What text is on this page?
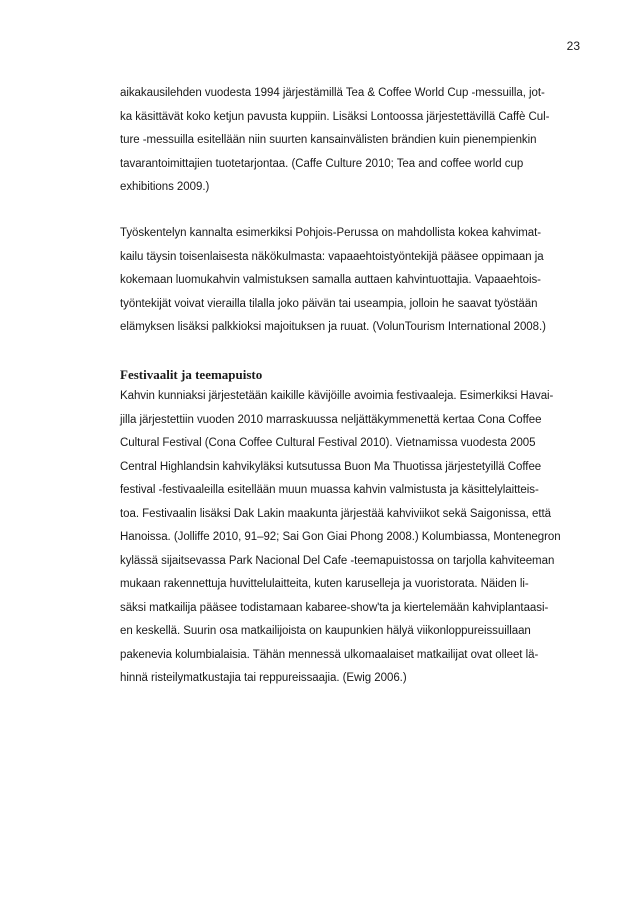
23
aikakausilehden vuodesta 1994 järjestämillä Tea & Coffee World Cup -messuilla, jot-
ka käsittävät koko ketjun pavusta kuppiin. Lisäksi Lontoossa järjestettävillä Caffè Cul-
ture -messuilla esitellään niin suurten kansainvälisten brändien kuin pienempienkin
tavarantoimittajien tuotetarjontaa. (Caffe Culture 2010; Tea and coffee world cup
exhibitions 2009.)
Työskentelyn kannalta esimerkiksi Pohjois-Perussa on mahdollista kokea kahvimat-
kailu täysin toisenlaisesta näkökulmasta: vapaaehtoistyöntekijä pääsee oppimaan ja
kokemaan luomukahvin valmistuksen samalla auttaen kahvintuottajia. Vapaaehtois-
työntekijät voivat vierailla tilalla joko päivän tai useampia, jolloin he saavat työstään
elämyksen lisäksi palkkioksi majoituksen ja ruuat. (VolunTourism International 2008.)
Festivaalit ja teemapuisto
Kahvin kunniaksi järjestetään kaikille kävijöille avoimia festivaaleja. Esimerkiksi Havai-
jilla järjestettiin vuoden 2010 marraskuussa neljättäkymmenettä kertaa Cona Coffee
Cultural Festival (Cona Coffee Cultural Festival 2010). Vietnamissa vuodesta 2005
Central Highlandsin kahvikyläksi kutsutussa Buon Ma Thuotissa järjestetyillä Coffee
festival -festivaaleilla esitellään muun muassa kahvin valmistusta ja käsittelylaitteis-
toa. Festivaalin lisäksi Dak Lakin maakunta järjestää kahviviikot sekä Saigonissa, että
Hanoissa. (Jolliffe 2010, 91–92; Sai Gon Giai Phong 2008.) Kolumbiassa, Montenegron
kylässä sijaitsevassa Park Nacional Del Cafe -teemapuistossa on tarjolla kahviteeman
mukaan rakennettuja huvittelulaitteita, kuten karuselleja ja vuoristorata. Näiden li-
säksi matkailija pääsee todistamaan kabaree-show'ta ja kiertelemään kahviplantaasi-
en keskellä. Suurin osa matkailijoista on kaupunkien hälyä viikonloppureissuillaan
pakenevia kolumbialaisia. Tähän mennessä ulkomaalaiset matkailijat ovat olleet lä-
hinnä risteilymatkustajia tai reppureissaajia. (Ewig 2006.)
